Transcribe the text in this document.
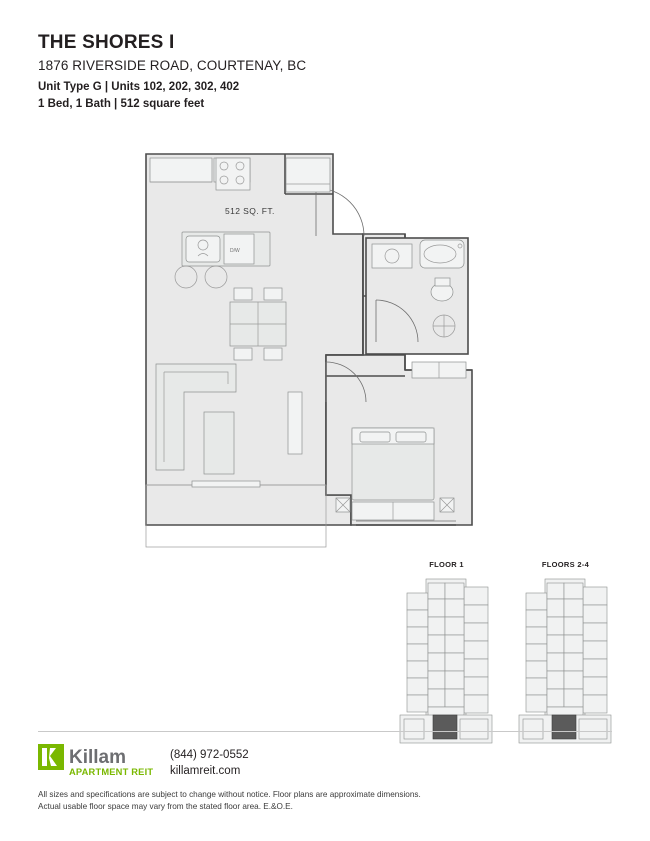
THE SHORES I
1876 RIVERSIDE ROAD, COURTENAY, BC
Unit Type G | Units 102, 202, 302, 402
1 Bed, 1 Bath | 512 square feet
512 SQ. FT.
D/W
FLOOR 1	FLOORS 2-4
Killam
APARTMENT REIT
(844) 972-0552
killamreit.com
All sizes and specifications are subject to change without notice. Floor plans are approximate dimensions.
Actual usable floor space may vary from the stated floor area. E.&O.E.
